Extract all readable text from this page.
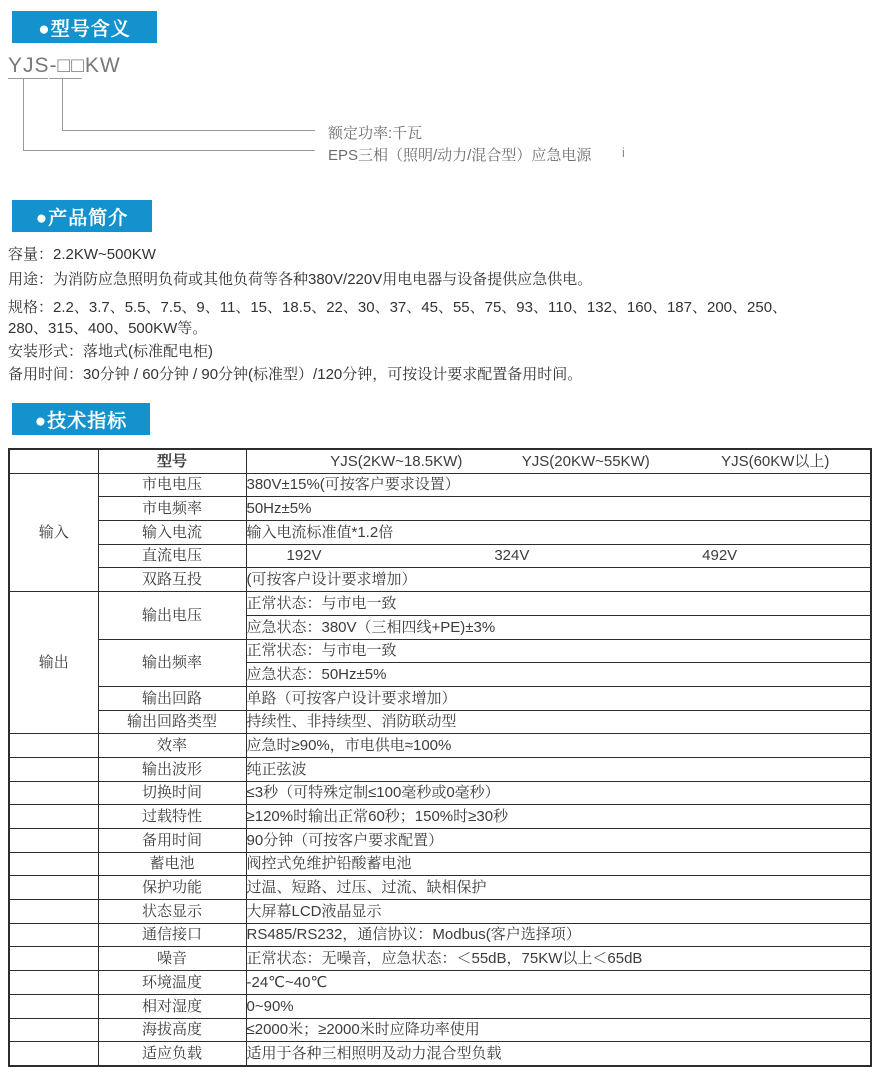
●型号含义
YJS-□□KW
额定功率:千瓦
EPS三相（照明/动力/混合型）应急电源 i
●产品简介
容量：2.2KW~500KW
用途：为消防应急照明负荷或其他负荷等各种380V/220V用电电器与设备提供应急供电。
规格：2.2、3.7、5.5、7.5、9、11、15、18.5、22、30、37、45、55、75、93、110、132、160、187、200、250、
280、315、400、500KW等。
安装形式：落地式(标准配电柜)
备用时间：30分钟 / 60分钟 / 90分钟(标准型）/120分钟，可按设计要求配置备用时间。
●技术指标
	型号	YJS(2KW~18.5KW) YJS(20KW~55KW) YJS(60KW以上)

输入	市电电压	380V±15%(可按客户要求设置）
	市电频率	50Hz±5%
	输入电流	输入电流标准值*1.2倍
	直流电压	192V 324V 492V

	双路互投	(可按客户设计要求增加）
输出	输出电压	正常状态：与市电一致
		应急状态：380V（三相四线+PE)±3%
	输出频率	正常状态：与市电一致
		应急状态：50Hz±5%
	输出回路	单路（可按客户设计要求增加）
	输出回路类型	持续性、非持续型、消防联动型
	效率	应急时≥90%，市电供电≈100%
	输出波形	纯正弦波
	切换时间	≤3秒（可特殊定制≤100毫秒或0毫秒）
	过载特性	≥120%时输出正常60秒；150%时≥30秒
	备用时间	90分钟（可按客户要求配置）
	蓄电池	阀控式免维护铅酸蓄电池
	保护功能	过温、短路、过压、过流、缺相保护
	状态显示	大屏幕LCD液晶显示
	通信接口	RS485/RS232，通信协议：Modbus(客户选择项）
	噪音	正常状态：无噪音，应急状态：＜55dB，75KW以上＜65dB
	环境温度	-24℃~40℃
	相对湿度	0~90%
	海拔高度	≤2000米；≥2000米时应降功率使用
	适应负载	适用于各种三相照明及动力混合型负载
